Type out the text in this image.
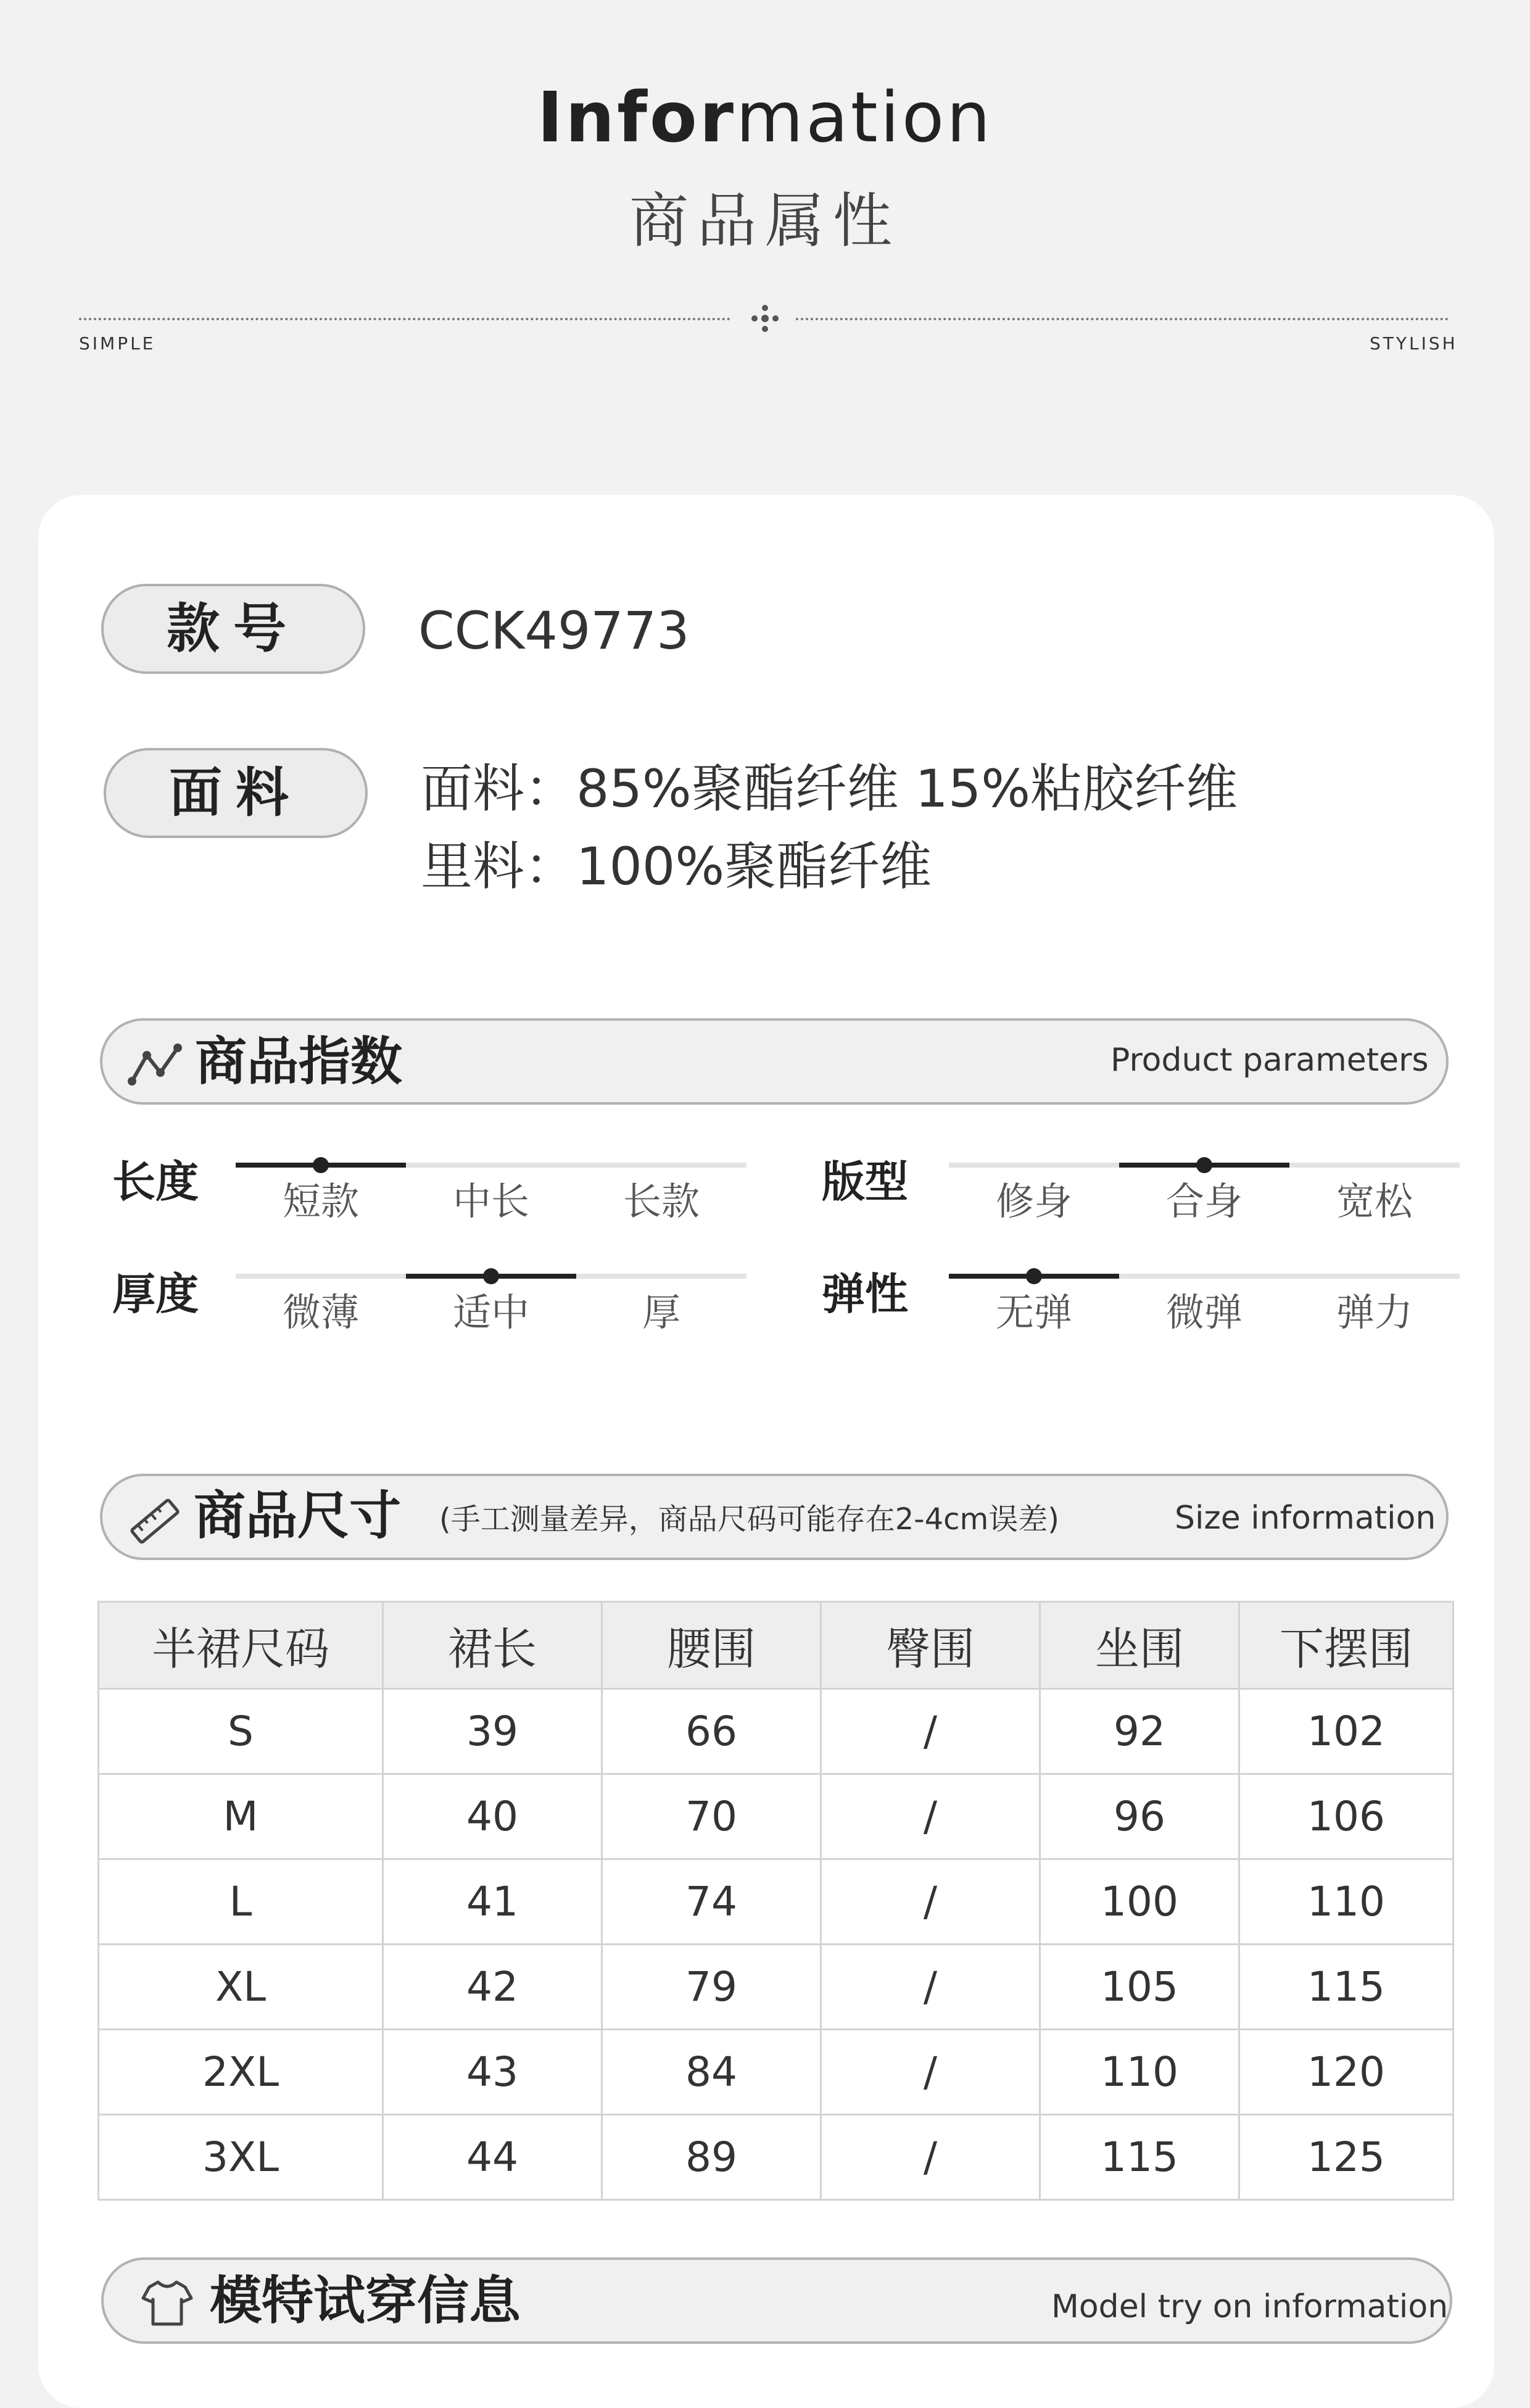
Information
商品属性
SIMPLE	STYLISH
款号	CCK49773
面料	面料：85%聚酯纤维 15%粘胶纤维
里料：100%聚酯纤维
商品指数	Product parameters
长度	短款	中长	长款	版型	修身	合身	宽松
厚度	微薄	适中	厚	弹性	无弹	微弹	弹力
商品尺寸 (手工测量差异，商品尺码可能存在2-4cm误差)	Size information
半裙尺码	裙长	腰围	臀围	坐围	下摆围
S	39	66	/	92	102
M	40	70	/	96	106
L	41	74	/	100	110
XL	42	79	/	105	115
2XL	43	84	/	110	120
3XL	44	89	/	115	125
模特试穿信息	Model try on information
